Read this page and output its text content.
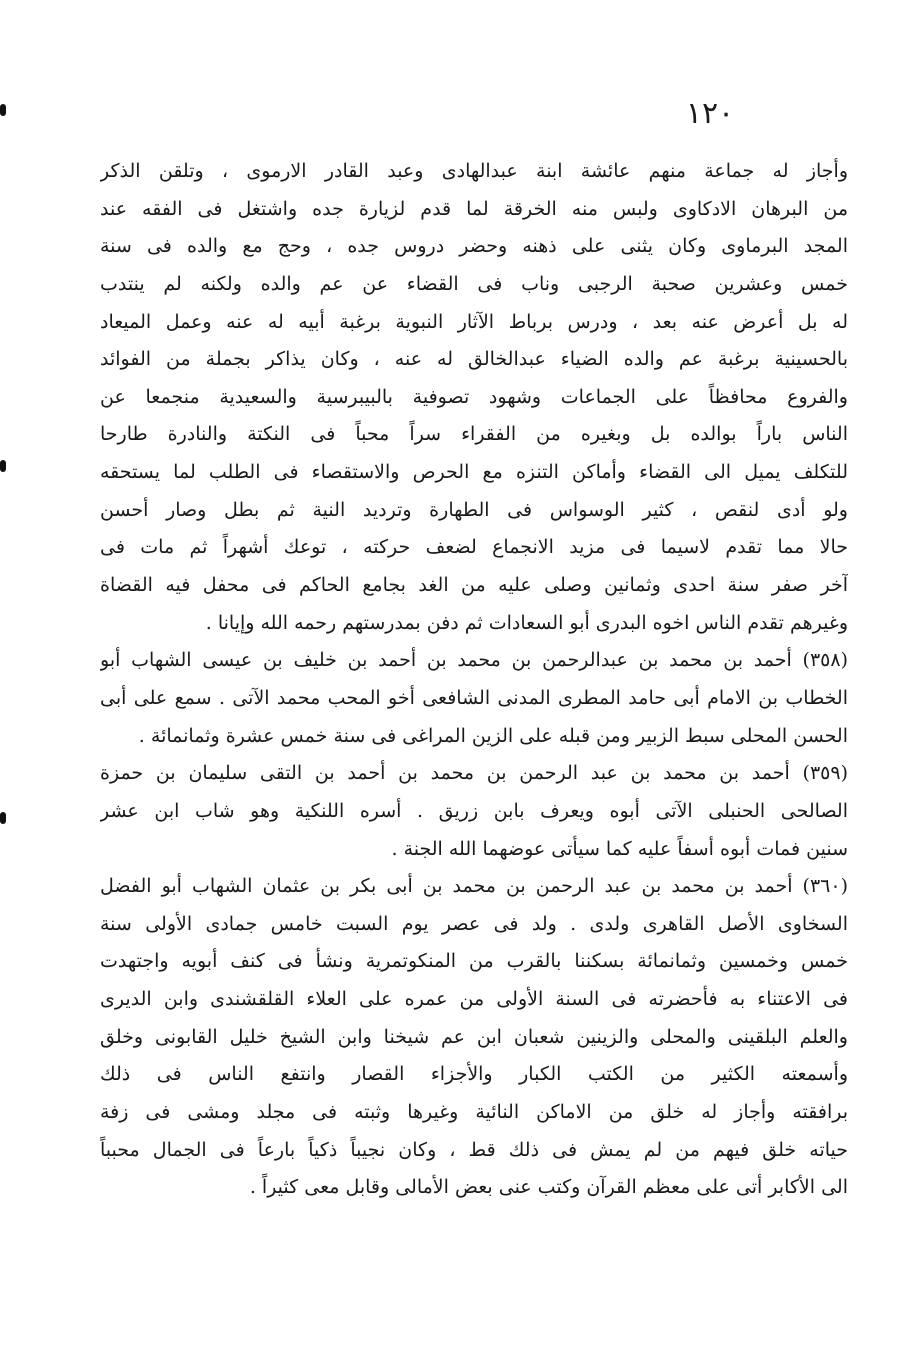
١٢٠
وأجاز له جماعة منهم عائشة ابنة عبدالهادى وعبد القادر الارموى ، وتلقن الذكر
من البرهان الادكاوى ولبس منه الخرقة لما قدم لزيارة جده واشتغل فى الفقه عند
المجد البرماوى وكان يثنى على ذهنه وحضر دروس جده ، وحج مع والده فى سنة
خمس وعشرين صحبة الرجبى وناب فى القضاء عن عم والده ولكنه لم ينتدب
له بل أعرض عنه بعد ، ودرس برباط الآثار النبوية برغبة أبيه له عنه وعمل الميعاد
بالحسينية برغبة عم والده الضياء عبدالخالق له عنه ، وكان يذاكر بجملة من الفوائد
والفروع محافظاً على الجماعات وشهود تصوفية بالبيبرسية والسعيدية منجمعا عن
الناس باراً بوالده بل وبغيره من الفقراء سراً محباً فى النكتة والنادرة طارحا
للتكلف يميل الى القضاء وأماكن التنزه مع الحرص والاستقصاء فى الطلب لما يستحقه
ولو أدى لنقص ، كثير الوسواس فى الطهارة وترديد النية ثم بطل وصار أحسن
حالا مما تقدم لاسيما فى مزيد الانجماع لضعف حركته ، توعك أشهراً ثم مات فى
آخر صفر سنة احدى وثمانين وصلى عليه من الغد بجامع الحاكم فى محفل فيه القضاة
وغيرهم تقدم الناس اخوه البدرى أبو السعادات ثم دفن بمدرستهم رحمه الله وإيانا .
(٣٥٨) أحمد بن محمد بن عبدالرحمن بن محمد بن أحمد بن خليف بن عيسى الشهاب أبو
الخطاب بن الامام أبى حامد المطرى المدنى الشافعى أخو المحب محمد الآتى . سمع على أبى
الحسن المحلى سبط الزبير ومن قبله على الزين المراغى فى سنة خمس عشرة وثمانمائة .
(٣٥٩) أحمد بن محمد بن عبد الرحمن بن محمد بن أحمد بن التقى سليمان بن حمزة
الصالحى الحنبلى الآتى أبوه ويعرف بابن زريق . أسره اللنكية وهو شاب ابن عشر
سنين فمات أبوه أسفاً عليه كما سيأتى عوضهما الله الجنة .
(٣٦٠) أحمد بن محمد بن عبد الرحمن بن محمد بن أبى بكر بن عثمان الشهاب أبو الفضل
السخاوى الأصل القاهرى ولدى . ولد فى عصر يوم السبت خامس جمادى الأولى سنة
خمس وخمسين وثمانمائة بسكننا بالقرب من المنكوتمرية ونشأ فى كنف أبويه واجتهدت
فى الاعتناء به فأحضرته فى السنة الأولى من عمره على العلاء القلقشندى وابن الديرى
والعلم البلقينى والمحلى والزينين شعبان ابن عم شيخنا وابن الشيخ خليل القابونى وخلق
وأسمعته الكثير من الكتب الكبار والأجزاء القصار وانتفع الناس فى ذلك
برافقته وأجاز له خلق من الاماكن النائية وغيرها وثبته فى مجلد ومشى فى زفة
حياته خلق فيهم من لم يمش فى ذلك قط ، وكان نجيباً ذكياً بارعاً فى الجمال محبباً
الى الأكابر أتى على معظم القرآن وكتب عنى بعض الأمالى وقابل معى كثيراً .
